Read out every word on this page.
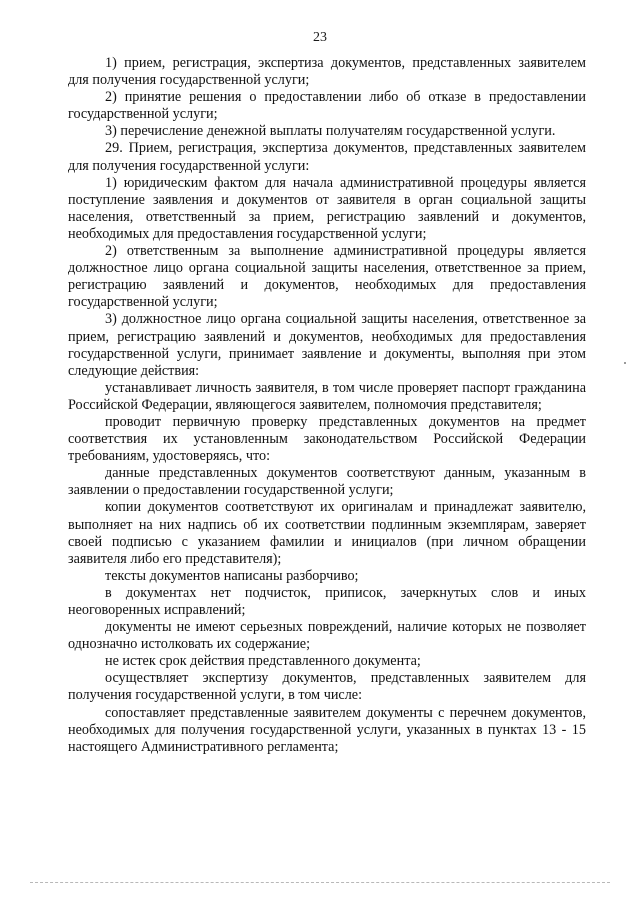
23

1) прием, регистрация, экспертиза документов, представленных заявителем для получения государственной услуги;

2) принятие решения о предоставлении либо об отказе в предоставлении государственной услуги;

3) перечисление денежной выплаты получателям государственной услуги.

29. Прием, регистрация, экспертиза документов, представленных заявителем для получения государственной услуги:

1) юридическим фактом для начала административной процедуры является поступление заявления и документов от заявителя в орган социальной защиты населения, ответственный за прием, регистрацию заявлений и документов, необходимых для предоставления государственной услуги;

2) ответственным за выполнение административной процедуры является должностное лицо органа социальной защиты населения, ответственное за прием, регистрацию заявлений и документов, необходимых для предоставления государственной услуги;

3) должностное лицо органа социальной защиты населения, ответственное за прием, регистрацию заявлений и документов, необходимых для предоставления государственной услуги, принимает заявление и документы, выполняя при этом следующие действия:

устанавливает личность заявителя, в том числе проверяет паспорт гражданина Российской Федерации, являющегося заявителем, полномочия представителя;

проводит первичную проверку представленных документов на предмет соответствия их установленным законодательством Российской Федерации требованиям, удостоверяясь, что:

данные представленных документов соответствуют данным, указанным в заявлении о предоставлении государственной услуги;

копии документов соответствуют их оригиналам и принадлежат заявителю, выполняет на них надпись об их соответствии подлинным экземплярам, заверяет своей подписью с указанием фамилии и инициалов (при личном обращении заявителя либо его представителя);

тексты документов написаны разборчиво;

в документах нет подчисток, приписок, зачеркнутых слов и иных неоговоренных исправлений;

документы не имеют серьезных повреждений, наличие которых не позволяет однозначно истолковать их содержание;

не истек срок действия представленного документа;

осуществляет экспертизу документов, представленных заявителем для получения государственной услуги, в том числе:

сопоставляет представленные заявителем документы с перечнем документов, необходимых для получения государственной услуги, указанных в пунктах 13 - 15 настоящего Административного регламента;
